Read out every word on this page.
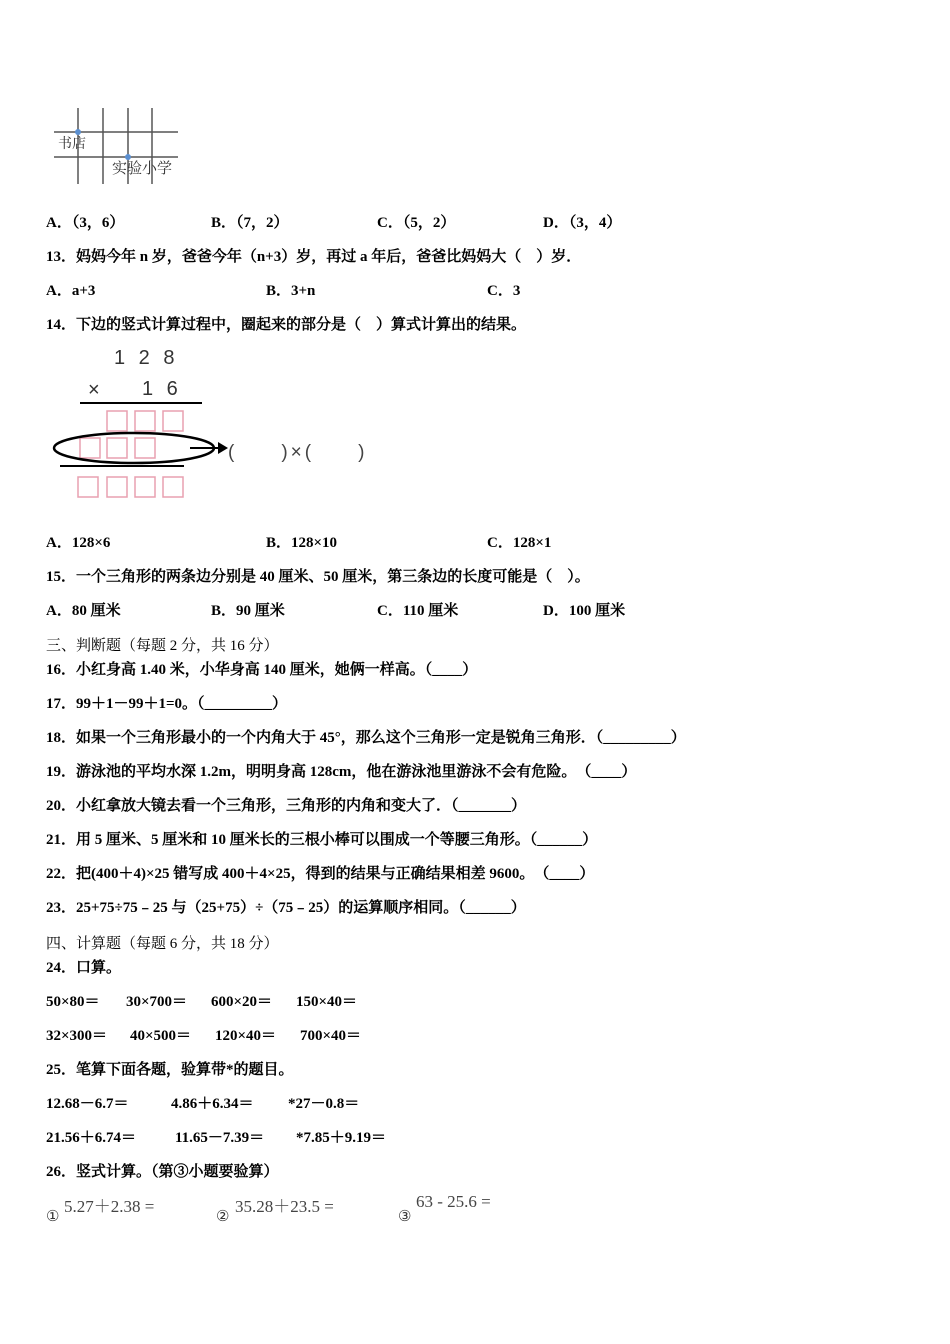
书店
实验小学
A．（3，6）	B．（7，2）	C．（5，2）	D．（3，4）
13．妈妈今年 n 岁，爸爸今年（n+3）岁，再过 a 年后，爸爸比妈妈大（　）岁．
A．a+3	B．3+n	C．3
14．下边的竖式计算过程中，圈起来的部分是（　）算式计算出的结果。
1 2 8
× 1 6
(　　)×(　　)
A．128×6	B．128×10	C．128×1
15．一个三角形的两条边分别是 40 厘米、50 厘米，第三条边的长度可能是（　）。
A．80 厘米	B．90 厘米	C．110 厘米	D．100 厘米
三、判断题（每题 2 分，共 16 分）
16．小红身高 1.40 米，小华身高 140 厘米，她俩一样高。（____）
17．99＋1－99＋1=0。（_________）
18．如果一个三角形最小的一个内角大于 45°，那么这个三角形一定是锐角三角形．（_________）
19．游泳池的平均水深 1.2m，明明身高 128cm，他在游泳池里游泳不会有危险。　（____）
20．小红拿放大镜去看一个三角形，三角形的内角和变大了．（_______）
21．用 5 厘米、5 厘米和 10 厘米长的三根小棒可以围成一个等腰三角形。（______）
22．把(400＋4)×25 错写成 400＋4×25，得到的结果与正确结果相差 9600。　（____）
23．25+75÷75﹣25 与（25+75）÷（75﹣25）的运算顺序相同。（______）
四、计算题（每题 6 分，共 18 分）
24．口算。
50×80＝ 30×700＝ 600×20＝ 150×40＝
32×300＝ 40×500＝ 120×40＝ 700×40＝
25．笔算下面各题，验算带*的题目。
12.68－6.7＝	4.86＋6.34＝ *27－0.8＝
21.56＋6.74＝	11.65－7.39＝ *7.85＋9.19＝
26．竖式计算。（第③小题要验算）
①
5.27＋2.38 =
②
35.28＋23.5 =
③
63 - 25.6 =
